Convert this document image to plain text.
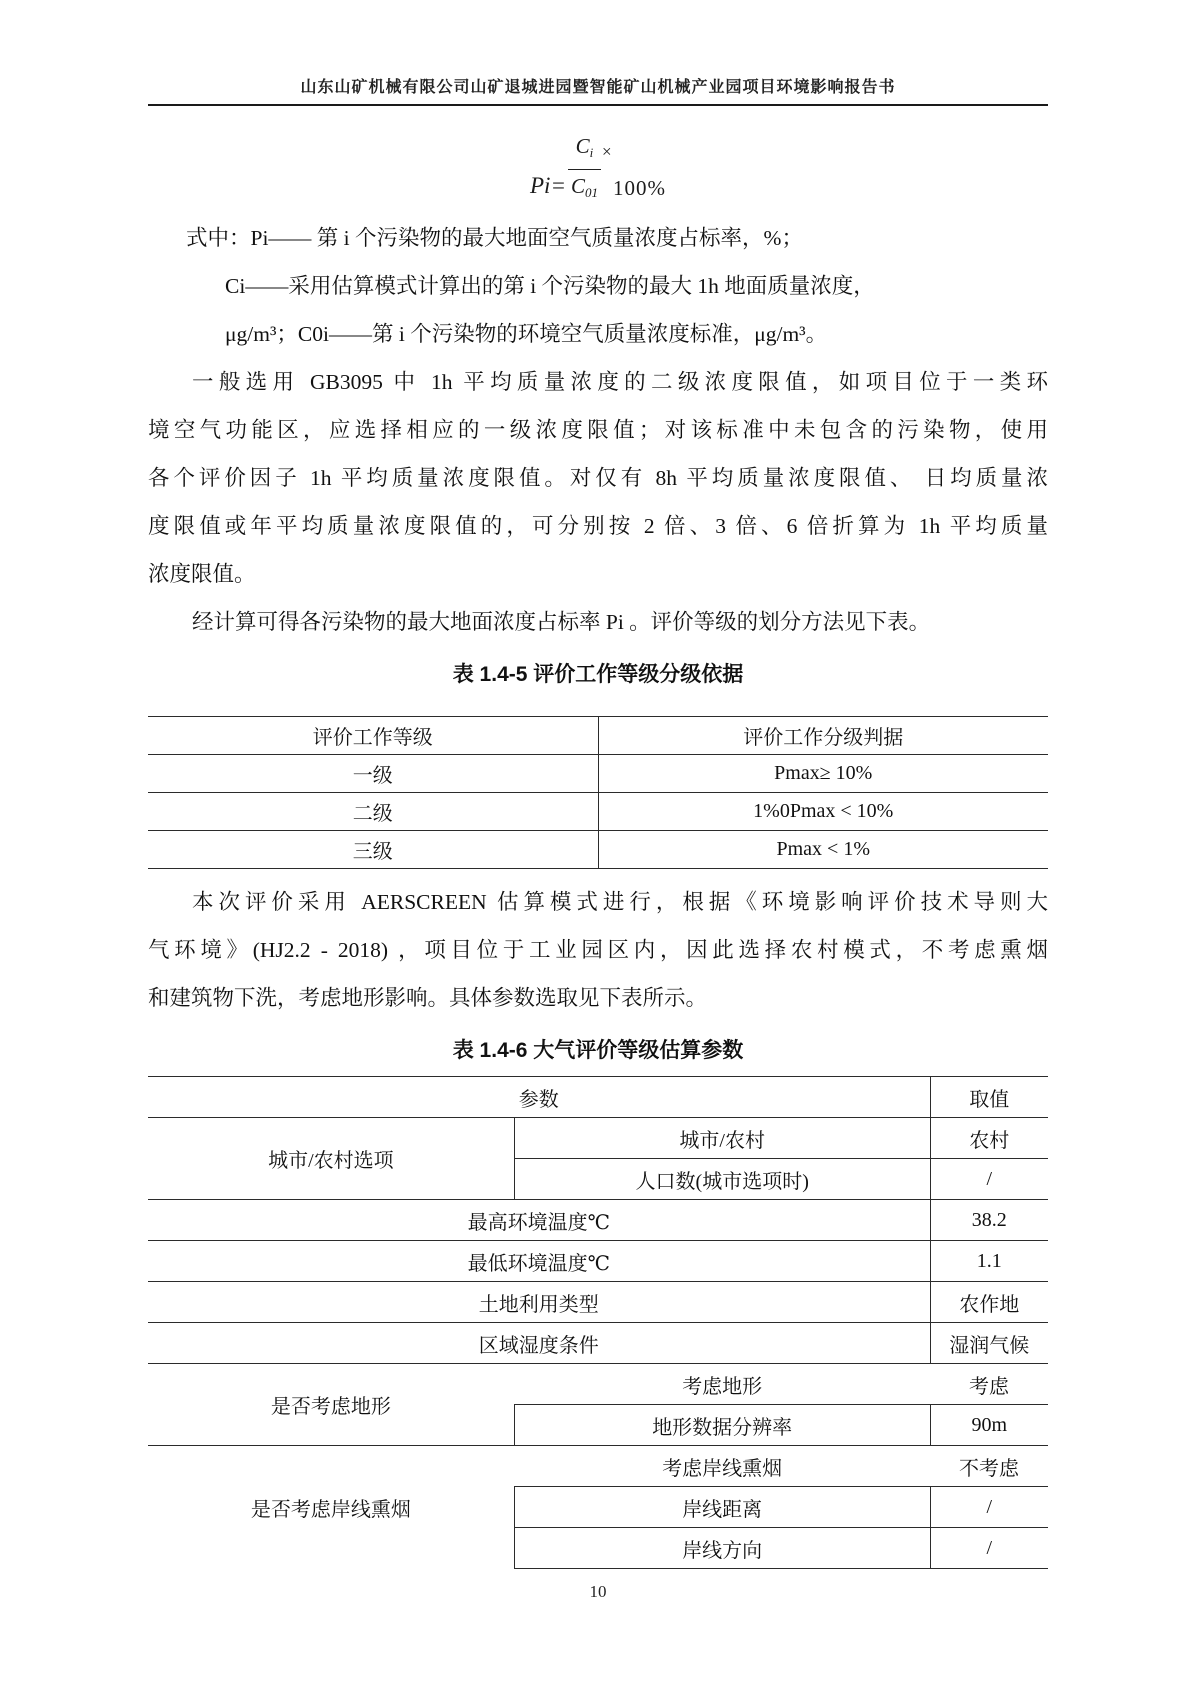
山东山矿机械有限公司山矿退城进园暨智能矿山机械产业园项目环境影响报告书
$Pi= \frac{Ci}{C01}$ ×
100%
式中：Pi—— 第 i 个污染物的最大地面空气质量浓度占标率，%；
Ci——采用估算模式计算出的第 i 个污染物的最大 1h 地面质量浓度，
μg/m³；C0i——第 i 个污染物的环境空气质量浓度标准，μg/m³。
一般选用 GB3095 中 1h 平均质量浓度的二级浓度限值，如项目位于一类环
境空气功能区，应选择相应的一级浓度限值；对该标准中未包含的污染物，使用
各个评价因子 1h 平均质量浓度限值。对仅有 8h 平均质量浓度限值、 日均质量浓
度限值或年平均质量浓度限值的，可分别按 2 倍、3 倍、6 倍折算为 1h 平均质量
浓度限值。
经计算可得各污染物的最大地面浓度占标率 Pi 。评价等级的划分方法见下表。
表 1.4-5 评价工作等级分级依据
评价工作等级	评价工作分级判据
一级	Pmax≥ 10%
二级	1%0Pmax < 10%
三级	Pmax < 1%
本次评价采用 AERSCREEN 估算模式进行，根据《环境影响评价技术导则大
气环境》(HJ2.2 - 2018) ，项目位于工业园区内，因此选择农村模式，不考虑熏烟
和建筑物下洗，考虑地形影响。具体参数选取见下表所示。
表 1.4-6 大气评价等级估算参数
参数		取值
城市/农村选项	城市/农村	农村
	人口数(城市选项时)	/
最高环境温度℃		38.2
最低环境温度℃		1.1
土地利用类型		农作地
区域湿度条件		湿润气候
是否考虑地形	考虑地形	考虑
	地形数据分辨率	90m
是否考虑岸线熏烟	考虑岸线熏烟	不考虑
	岸线距离	/
	岸线方向	/
10
